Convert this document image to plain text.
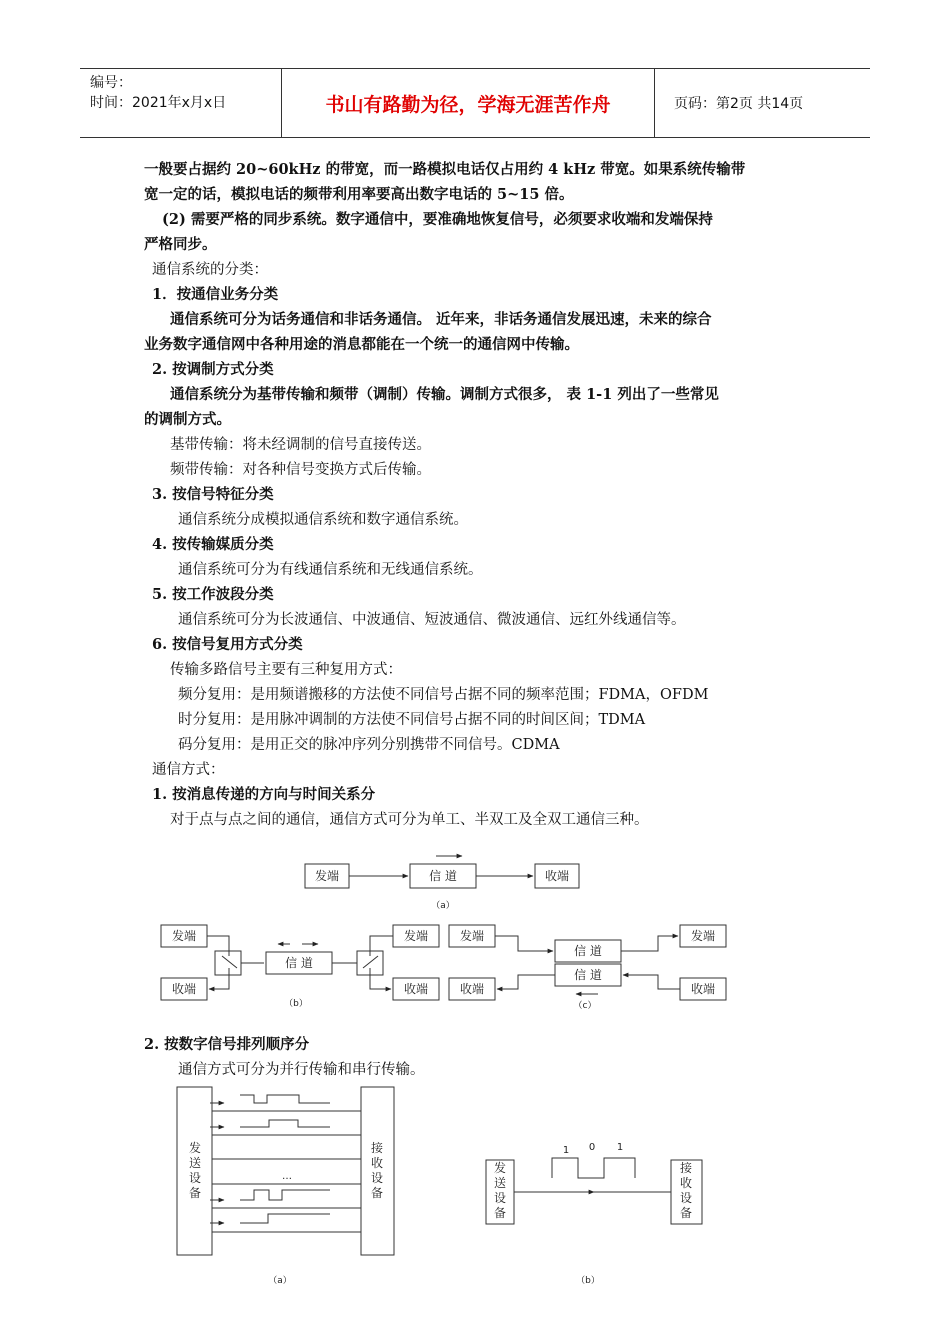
编号：
时间：2021年x月x日	书山有路勤为径，学海无涯苦作舟	页码：第2页 共14页
一般要占据约 20~60kHz 的带宽，而一路模拟电话仅占用约 4 kHz 带宽。如果系统传输带
宽一定的话，模拟电话的频带利用率要高出数字电话的 5~15 倍。
(2) 需要严格的同步系统。数字通信中，要准确地恢复信号，必须要求收端和发端保持
严格同步。
通信系统的分类：
1．按通信业务分类
通信系统可分为话务通信和非话务通信。 近年来，非话务通信发展迅速，未来的综合
业务数字通信网中各种用途的消息都能在一个统一的通信网中传输。
2. 按调制方式分类
通信系统分为基带传输和频带（调制）传输。调制方式很多， 表 1-1 列出了一些常见
的调制方式。
基带传输：将未经调制的信号直接传送。
频带传输：对各种信号变换方式后传输。
3. 按信号特征分类
通信系统分成模拟通信系统和数字通信系统。
4. 按传输媒质分类
通信系统可分为有线通信系统和无线通信系统。
5. 按工作波段分类
通信系统可分为长波通信、中波通信、短波通信、微波通信、远红外线通信等。
6. 按信号复用方式分类
传输多路信号主要有三种复用方式：
频分复用：是用频谱搬移的方法使不同信号占据不同的频率范围；FDMA，OFDM
时分复用：是用脉冲调制的方法使不同信号占据不同的时间区间；TDMA
码分复用：是用正交的脉冲序列分别携带不同信号。CDMA
通信方式：
1. 按消息传递的方向与时间关系分
对于点与点之间的通信，通信方式可分为单工、半双工及全双工通信三种。
2. 按数字信号排列顺序分
通信方式可分为并行传输和串行传输。
发端	信 道	收端
（a）
发端
收端
信 道
发端
收端
（b）
发端
收端
信 道
信 道
发端
收端
（c）
发
送
设
备
接
收
设
备
…
（a）
发
送
设
备
接
收
设
备
1 0 1
（b）
